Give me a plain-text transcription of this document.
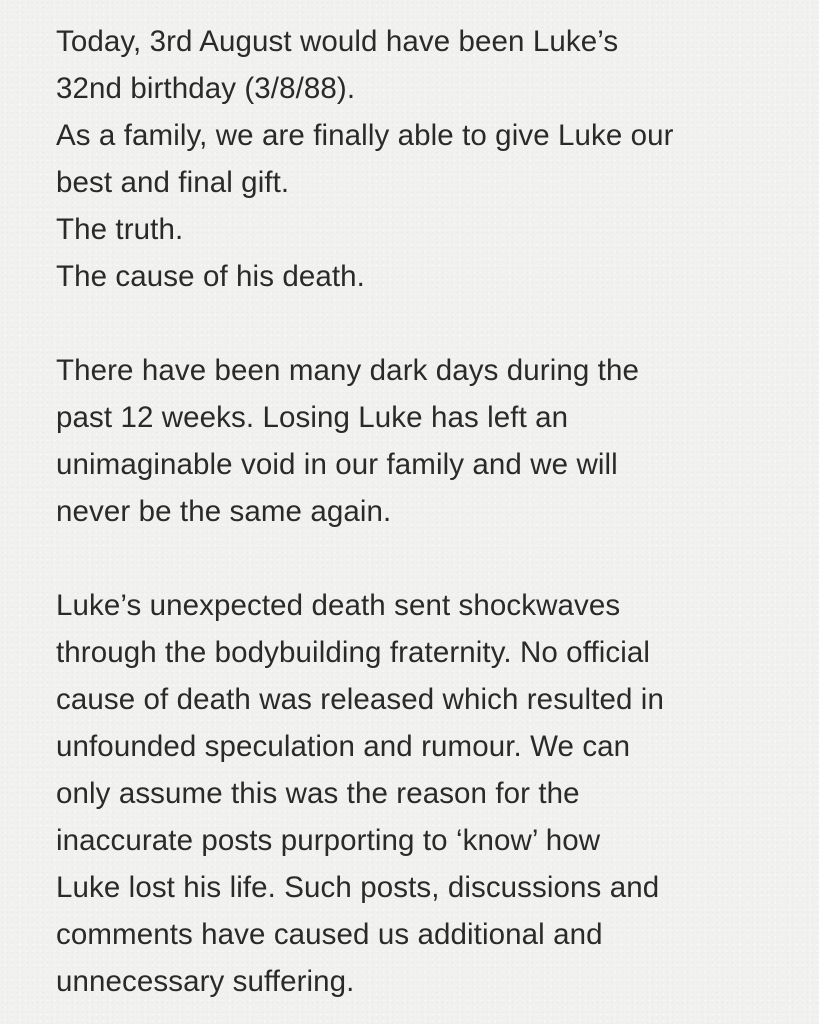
Today, 3rd August would have been Luke’s
32nd birthday (3/8/88).
As a family, we are finally able to give Luke our
best and final gift.
The truth.
The cause of his death.
There have been many dark days during the
past 12 weeks. Losing Luke has left an
unimaginable void in our family and we will
never be the same again.
Luke’s unexpected death sent shockwaves
through the bodybuilding fraternity. No official
cause of death was released which resulted in
unfounded speculation and rumour. We can
only assume this was the reason for the
inaccurate posts purporting to ‘know’ how
Luke lost his life. Such posts, discussions and
comments have caused us additional and
unnecessary suffering.
